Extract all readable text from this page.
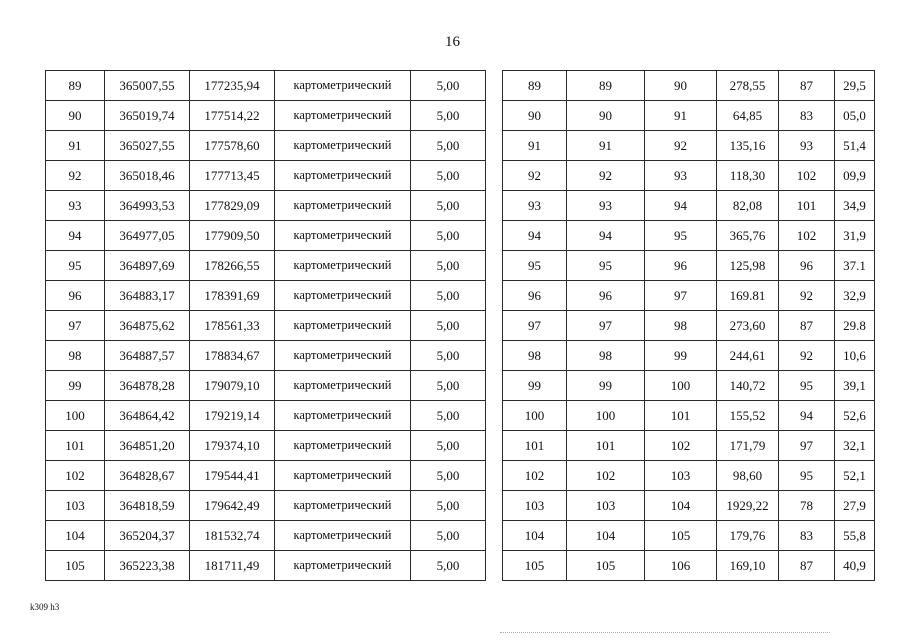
16
89	365007,55	177235,94	картометрический	5,00
90	365019,74	177514,22	картометрический	5,00
91	365027,55	177578,60	картометрический	5,00
92	365018,46	177713,45	картометрический	5,00
93	364993,53	177829,09	картометрический	5,00
94	364977,05	177909,50	картометрический	5,00
95	364897,69	178266,55	картометрический	5,00
96	364883,17	178391,69	картометрический	5,00
97	364875,62	178561,33	картометрический	5,00
98	364887,57	178834,67	картометрический	5,00
99	364878,28	179079,10	картометрический	5,00
100	364864,42	179219,14	картометрический	5,00
101	364851,20	179374,10	картометрический	5,00
102	364828,67	179544,41	картометрический	5,00
103	364818,59	179642,49	картометрический	5,00
104	365204,37	181532,74	картометрический	5,00
105	365223,38	181711,49	картометрический	5,00
89	89	90	278,55	87	29,5
90	90	91	64,85	83	05,0
91	91	92	135,16	93	51,4
92	92	93	118,30	102	09,9
93	93	94	82,08	101	34,9
94	94	95	365,76	102	31,9
95	95	96	125,98	96	37.1
96	96	97	169.81	92	32,9
97	97	98	273,60	87	29.8
98	98	99	244,61	92	10,6
99	99	100	140,72	95	39,1
100	100	101	155,52	94	52,6
101	101	102	171,79	97	32,1
102	102	103	98,60	95	52,1
103	103	104	1929,22	78	27,9
104	104	105	179,76	83	55,8
105	105	106	169,10	87	40,9
k309 h3
